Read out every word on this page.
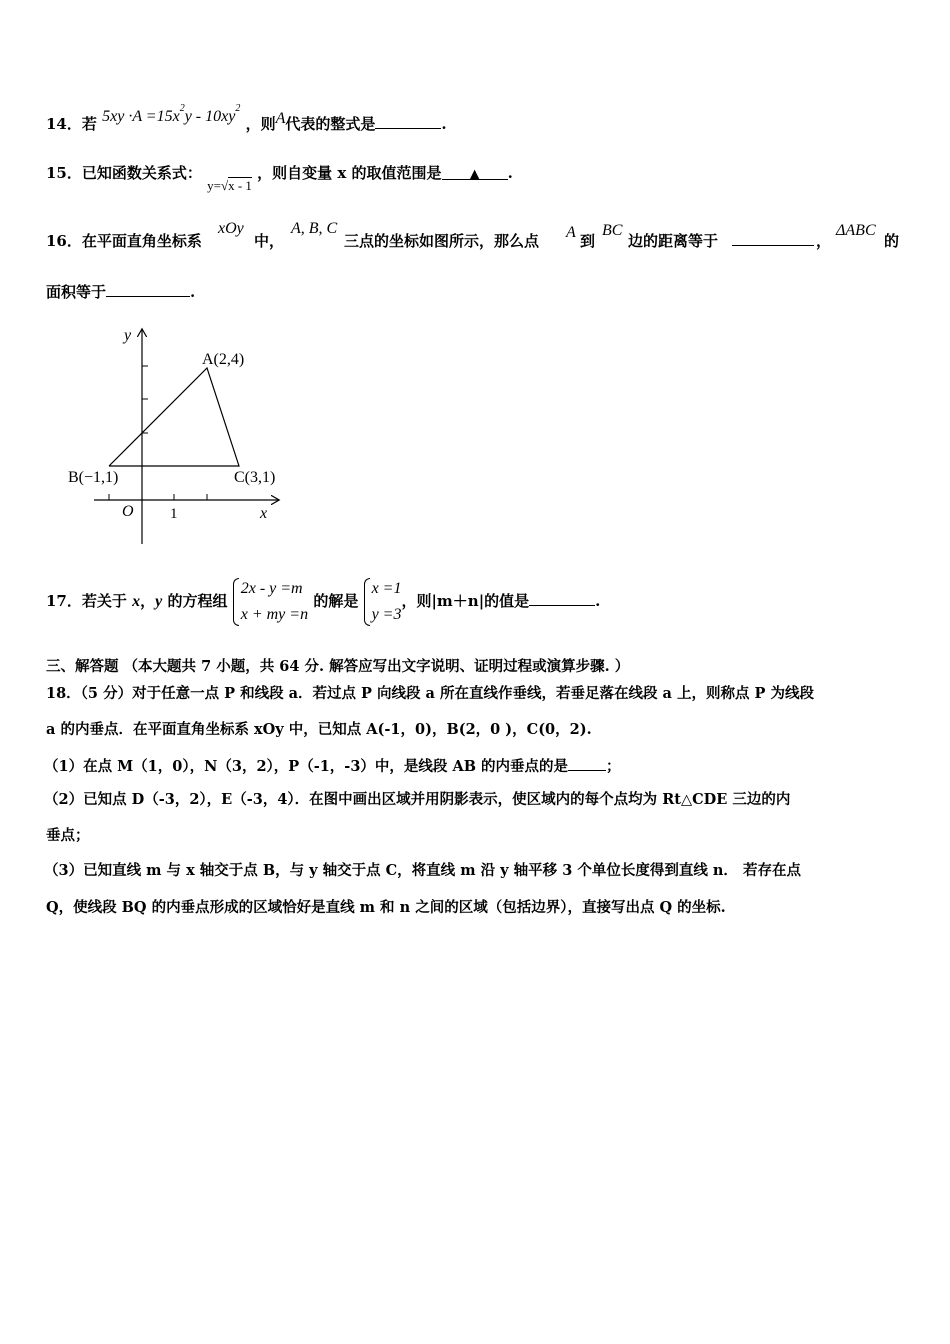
14．若 $5xy \cdot A =15x^2y - 10xy^2$ ，则A代表的整式是	.
15．已知函数关系式： y=√x - 1 ，则自变量 x 的取值范围是 ▲ .
16．在平面直角坐标系
xOy
中，
A, B, C
三点的坐标如图所示，那么点 A 到
BC
边的距离等于	，
ΔABC
的
面积等于	.
y
x
O 1
A(2,4)
B(−1,1)	C(3,1)
17．若关于 x，y 的方程组
2x - y =m
x + my =n
的解是
x =1
y =3
，则|m＋n|的值是	.
三、解答题 （本大题共 7 小题，共 64 分. 解答应写出文字说明、证明过程或演算步骤. ）
18．（5 分）对于任意一点 P 和线段 a．若过点 P 向线段 a 所在直线作垂线，若垂足落在线段 a 上，则称点 P 为线段
a 的内垂点．在平面直角坐标系 xOy 中，已知点 A(-1，0)，B(2，0 )，C(0，2).
（1）在点 M（1，0），N（3，2），P（-1，-3）中，是线段 AB 的内垂点的是	；
（2）已知点 D（-3，2），E（-3，4）．在图中画出区域并用阴影表示，使区域内的每个点均为 Rt△CDE 三边的内
垂点；
（3）已知直线 m 与 x 轴交于点 B，与 y 轴交于点 C，将直线 m 沿 y 轴平移 3 个单位长度得到直线 n． 若存在点
Q，使线段 BQ 的内垂点形成的区域恰好是直线 m 和 n 之间的区域（包括边界），直接写出点 Q 的坐标.
